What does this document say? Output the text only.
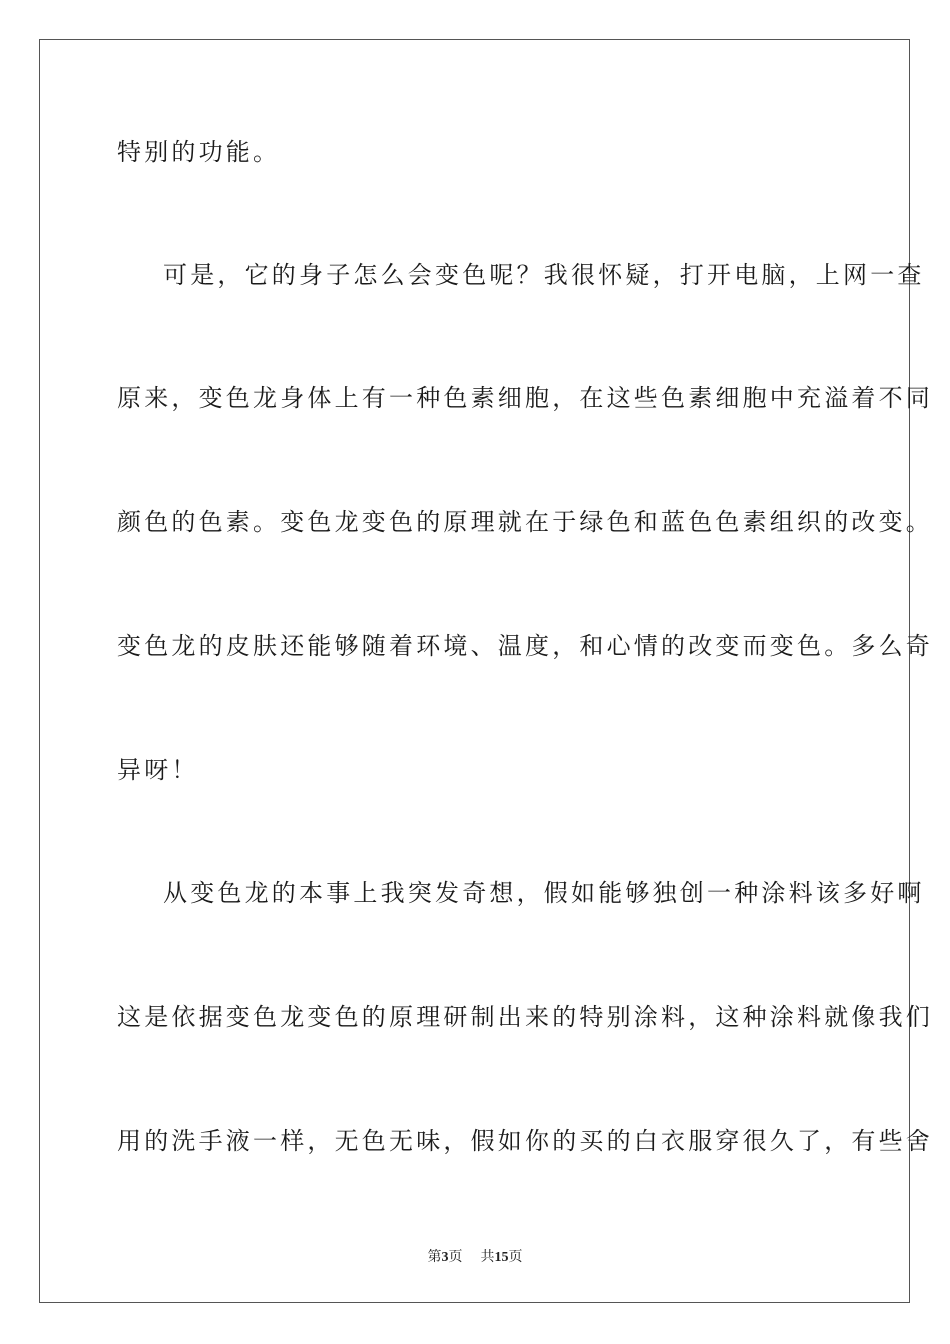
特别的功能。
可是，它的身子怎么会变色呢？我很怀疑，打开电脑，上网一查
原来，变色龙身体上有一种色素细胞，在这些色素细胞中充溢着不同
颜色的色素。变色龙变色的原理就在于绿色和蓝色色素组织的改变。
变色龙的皮肤还能够随着环境、温度，和心情的改变而变色。多么奇
异呀！
从变色龙的本事上我突发奇想，假如能够独创一种涂料该多好啊
这是依据变色龙变色的原理研制出来的特别涂料，这种涂料就像我们
用的洗手液一样，无色无味，假如你的买的白衣服穿很久了，有些舍
第3页 共15页
